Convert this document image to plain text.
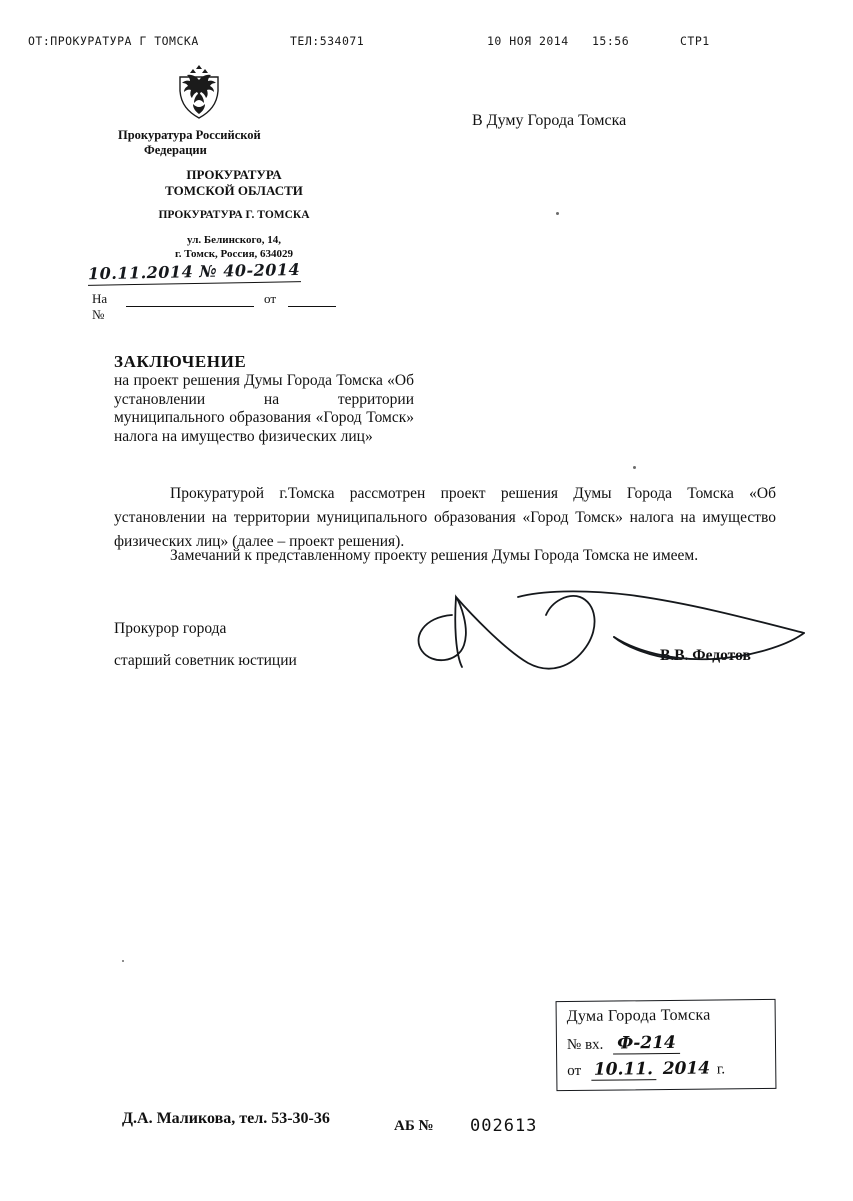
ОТ:ПРОКУРАТУРА Г ТОМСКА	ТЕЛ:534071	10 НОЯ 2014 15:56	СТР1
Прокуратура Российской
Федерации
ПРОКУРАТУРА
ТОМСКОЙ ОБЛАСТИ
ПРОКУРАТУРА Г. ТОМСКА
ул. Белинского, 14,
г. Томск, Россия, 634029
10.11.2014 № 40-2014
На №
от
В Думу Города Томска
ЗАКЛЮЧЕНИЕ
на проект решения Думы Города Томска «Об установлении на территории муниципального образования «Город Томск» налога на имущество физических лиц»
Прокуратурой г.Томска рассмотрен проект решения Думы Города Томска «Об установлении на территории муниципального образования «Город Томск» налога на имущество физических лиц» (далее – проект решения).
Замечаний к представленному проекту решения Думы Города Томска не имеем.
Прокурор города
старший советник юстиции	В.В. Федотов
Дума Города Томска
№ вх. Ф-214
от 10.11. 2014 г.
Д.А. Маликова, тел. 53-30-36	АБ № 002613
